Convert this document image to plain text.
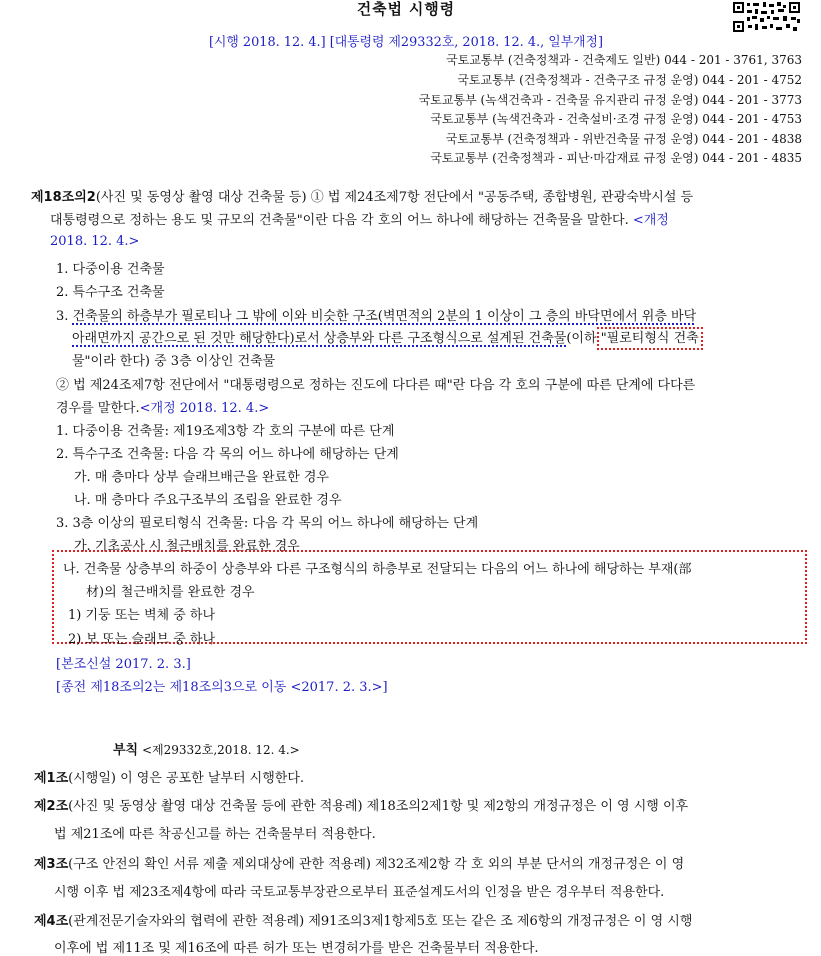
건축법 시행령
[시행 2018. 12. 4.] [대통령령 제29332호, 2018. 12. 4., 일부개정]
국토교통부 (건축정책과 - 건축제도 일반) 044 - 201 - 3761, 3763
국토교통부 (건축정책과 - 건축구조 규정 운영) 044 - 201 - 4752
국토교통부 (녹색건축과 - 건축물 유지관리 규정 운영) 044 - 201 - 3773
국토교통부 (녹색건축과 - 건축설비·조경 규정 운영) 044 - 201 - 4753
국토교통부 (건축정책과 - 위반건축물 규정 운영) 044 - 201 - 4838
국토교통부 (건축정책과 - 피난·마감재료 규정 운영) 044 - 201 - 4835
제18조의2(사진 및 동영상 촬영 대상 건축물 등) ① 법 제24조제7항 전단에서 "공동주택, 종합병원, 관광숙박시설 등
대통령령으로 정하는 용도 및 규모의 건축물"이란 다음 각 호의 어느 하나에 해당하는 건축물을 말한다. <개정
2018. 12. 4.>
1. 다중이용 건축물
2. 특수구조 건축물
3. 건축물의 하층부가 필로티나 그 밖에 이와 비슷한 구조(벽면적의 2분의 1 이상이 그 층의 바닥면에서 위층 바닥
아래면까지 공간으로 된 것만 해당한다)로서 상층부와 다른 구조형식으로 설계된 건축물(이하 "필로티형식 건축
물"이라 한다) 중 3층 이상인 건축물
② 법 제24조제7항 전단에서 "대통령령으로 정하는 진도에 다다른 때"란 다음 각 호의 구분에 따른 단계에 다다른
경우를 말한다.<개정 2018. 12. 4.>
1. 다중이용 건축물: 제19조제3항 각 호의 구분에 따른 단계
2. 특수구조 건축물: 다음 각 목의 어느 하나에 해당하는 단계
가. 매 층마다 상부 슬래브배근을 완료한 경우
나. 매 층마다 주요구조부의 조립을 완료한 경우
3. 3층 이상의 필로티형식 건축물: 다음 각 목의 어느 하나에 해당하는 단계
가. 기초공사 시 철근배치를 완료한 경우
나. 건축물 상층부의 하중이 상층부와 다른 구조형식의 하층부로 전달되는 다음의 어느 하나에 해당하는 부재(部
材)의 철근배치를 완료한 경우
1) 기둥 또는 벽체 중 하나
2) 보 또는 슬래브 중 하나
[본조신설 2017. 2. 3.]
[종전 제18조의2는 제18조의3으로 이동 <2017. 2. 3.>]
부칙 <제29332호,2018. 12. 4.>
제1조(시행일) 이 영은 공포한 날부터 시행한다.
제2조(사진 및 동영상 촬영 대상 건축물 등에 관한 적용례) 제18조의2제1항 및 제2항의 개정규정은 이 영 시행 이후
법 제21조에 따른 착공신고를 하는 건축물부터 적용한다.
제3조(구조 안전의 확인 서류 제출 제외대상에 관한 적용례) 제32조제2항 각 호 외의 부분 단서의 개정규정은 이 영
시행 이후 법 제23조제4항에 따라 국토교통부장관으로부터 표준설계도서의 인정을 받은 경우부터 적용한다.
제4조(관계전문기술자와의 협력에 관한 적용례) 제91조의3제1항제5호 또는 같은 조 제6항의 개정규정은 이 영 시행
이후에 법 제11조 및 제16조에 따른 허가 또는 변경허가를 받은 건축물부터 적용한다.
